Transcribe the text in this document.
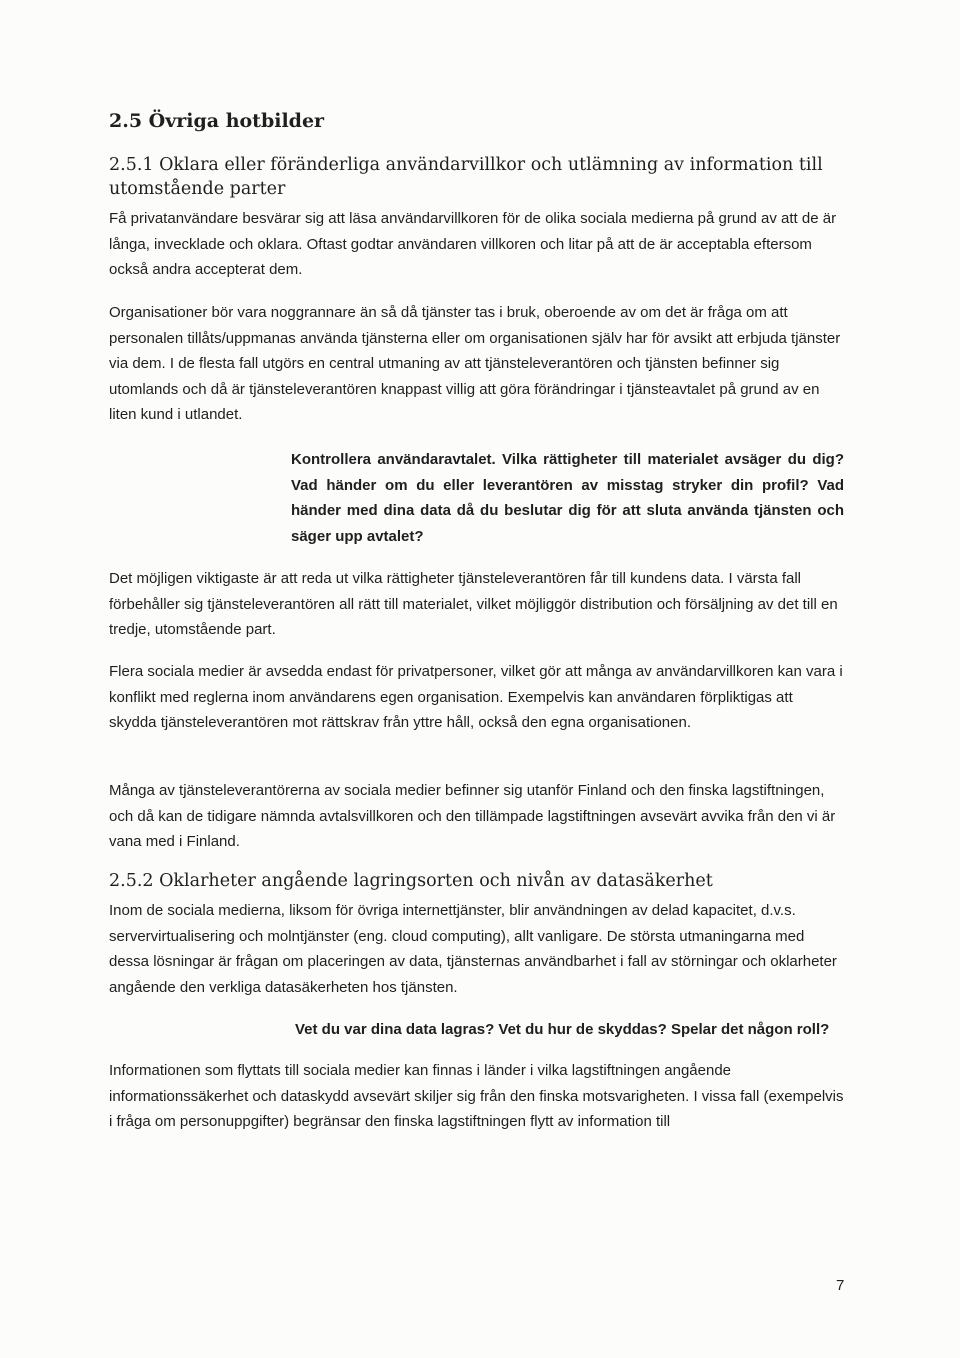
2.5 Övriga hotbilder
2.5.1 Oklara eller föränderliga användarvillkor och utlämning av information till utomstående parter

Få privatanvändare besvärar sig att läsa användarvillkoren för de olika sociala medierna på grund av att de är långa, invecklade och oklara. Oftast godtar användaren villkoren och litar på att de är acceptabla eftersom också andra accepterat dem.

Organisationer bör vara noggrannare än så då tjänster tas i bruk, oberoende av om det är fråga om att personalen tillåts/uppmanas använda tjänsterna eller om organisationen själv har för avsikt att erbjuda tjänster via dem. I de flesta fall utgörs en central utmaning av att tjänsteleverantören och tjänsten befinner sig utomlands och då är tjänsteleverantören knappast villig att göra förändringar i tjänsteavtalet på grund av en liten kund i utlandet.

Kontrollera användaravtalet. Vilka rättigheter till materialet avsäger du dig? Vad händer om du eller leverantören av misstag stryker din profil? Vad händer med dina data då du beslutar dig för att sluta använda tjänsten och säger upp avtalet?

Det möjligen viktigaste är att reda ut vilka rättigheter tjänsteleverantören får till kundens data. I värsta fall förbehåller sig tjänsteleverantören all rätt till materialet, vilket möjliggör distribution och försäljning av det till en tredje, utomstående part.

Flera sociala medier är avsedda endast för privatpersoner, vilket gör att många av användarvillkoren kan vara i konflikt med reglerna inom användarens egen organisation. Exempelvis kan användaren förpliktigas att skydda tjänsteleverantören mot rättskrav från yttre håll, också den egna organisationen.

Många av tjänsteleverantörerna av sociala medier befinner sig utanför Finland och den finska lagstiftningen, och då kan de tidigare nämnda avtalsvillkoren och den tillämpade lagstiftningen avsevärt avvika från den vi är vana med i Finland.

2.5.2 Oklarheter angående lagringsorten och nivån av datasäkerhet

Inom de sociala medierna, liksom för övriga internettjänster, blir användningen av delad kapacitet, d.v.s. servervirtualisering och molntjänster (eng. cloud computing), allt vanligare. De största utmaningarna med dessa lösningar är frågan om placeringen av data, tjänsternas användbarhet i fall av störningar och oklarheter angående den verkliga datasäkerheten hos tjänsten.

Vet du var dina data lagras? Vet du hur de skyddas? Spelar det någon roll?

Informationen som flyttats till sociala medier kan finnas i länder i vilka lagstiftningen angående informationssäkerhet och dataskydd avsevärt skiljer sig från den finska motsvarigheten. I vissa fall (exempelvis i fråga om personuppgifter) begränsar den finska lagstiftningen flytt av information till

7
